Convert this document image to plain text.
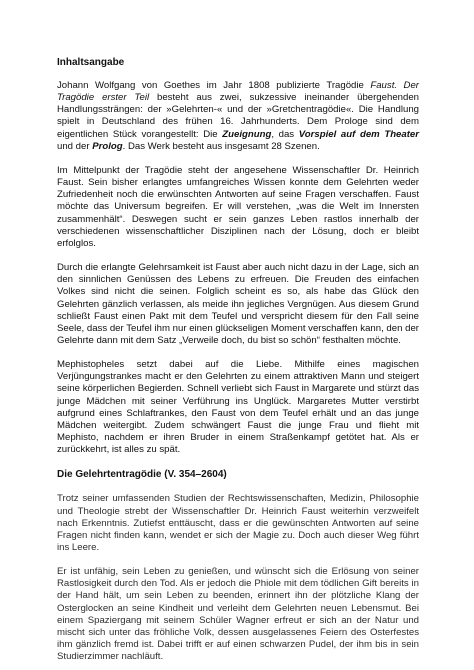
Inhaltsangabe

Johann Wolfgang von Goethes im Jahr 1808 publizierte Tragödie Faust. Der Tragödie erster Teil besteht aus zwei, sukzessive ineinander übergehenden Handlungssträngen: der »Gelehrten-« und der »Gretchentragödie«. Die Handlung spielt in Deutschland des frühen 16. Jahrhunderts. Dem Prologe sind dem eigentlichen Stück vorangestellt: Die Zueignung, das Vorspiel auf dem Theater und der Prolog. Das Werk besteht aus insgesamt 28 Szenen.

Im Mittelpunkt der Tragödie steht der angesehene Wissenschaftler Dr. Heinrich Faust. Sein bisher erlangtes umfangreiches Wissen konnte dem Gelehrten weder Zufriedenheit noch die erwünschten Antworten auf seine Fragen verschaffen. Faust möchte das Universum begreifen. Er will verstehen, „was die Welt im Innersten zusammenhält“. Deswegen sucht er sein ganzes Leben rastlos innerhalb der verschiedenen wissenschaftlicher Disziplinen nach der Lösung, doch er bleibt erfolglos.

Durch die erlangte Gelehrsamkeit ist Faust aber auch nicht dazu in der Lage, sich an den sinnlichen Genüssen des Lebens zu erfreuen. Die Freuden des einfachen Volkes sind nicht die seinen. Folglich scheint es so, als habe das Glück den Gelehrten gänzlich verlassen, als meide ihn jegliches Vergnügen. Aus diesem Grund schließt Faust einen Pakt mit dem Teufel und verspricht diesem für den Fall seine Seele, dass der Teufel ihm nur einen glückseligen Moment verschaffen kann, den der Gelehrte dann mit dem Satz „Verweile doch, du bist so schön“ festhalten möchte.

Mephistopheles setzt dabei auf die Liebe. Mithilfe eines magischen Verjüngungstrankes macht er den Gelehrten zu einem attraktiven Mann und steigert seine körperlichen Begierden. Schnell verliebt sich Faust in Margarete und stürzt das junge Mädchen mit seiner Verführung ins Unglück. Margaretes Mutter verstirbt aufgrund eines Schlaftrankes, den Faust von dem Teufel erhält und an das junge Mädchen weitergibt. Zudem schwängert Faust die junge Frau und flieht mit Mephisto, nachdem er ihren Bruder in einem Straßenkampf getötet hat. Als er zurückkehrt, ist alles zu spät.

Die Gelehrtentragödie (V. 354–2604)

Trotz seiner umfassenden Studien der Rechtswissenschaften, Medizin, Philosophie und Theologie strebt der Wissenschaftler Dr. Heinrich Faust weiterhin verzweifelt nach Erkenntnis. Zutiefst enttäuscht, dass er die gewünschten Antworten auf seine Fragen nicht finden kann, wendet er sich der Magie zu. Doch auch dieser Weg führt ins Leere.

Er ist unfähig, sein Leben zu genießen, und wünscht sich die Erlösung von seiner Rastlosigkeit durch den Tod. Als er jedoch die Phiole mit dem tödlichen Gift bereits in der Hand hält, um sein Leben zu beenden, erinnert ihn der plötzliche Klang der Osterglocken an seine Kindheit und verleiht dem Gelehrten neuen Lebensmut. Bei einem Spaziergang mit seinem Schüler Wagner erfreut er sich an der Natur und mischt sich unter das fröhliche Volk, dessen ausgelassenes Feiern des Osterfestes ihm gänzlich fremd ist. Dabei trifft er auf einen schwarzen Pudel, der ihm bis in sein Studierzimmer nachläuft.
